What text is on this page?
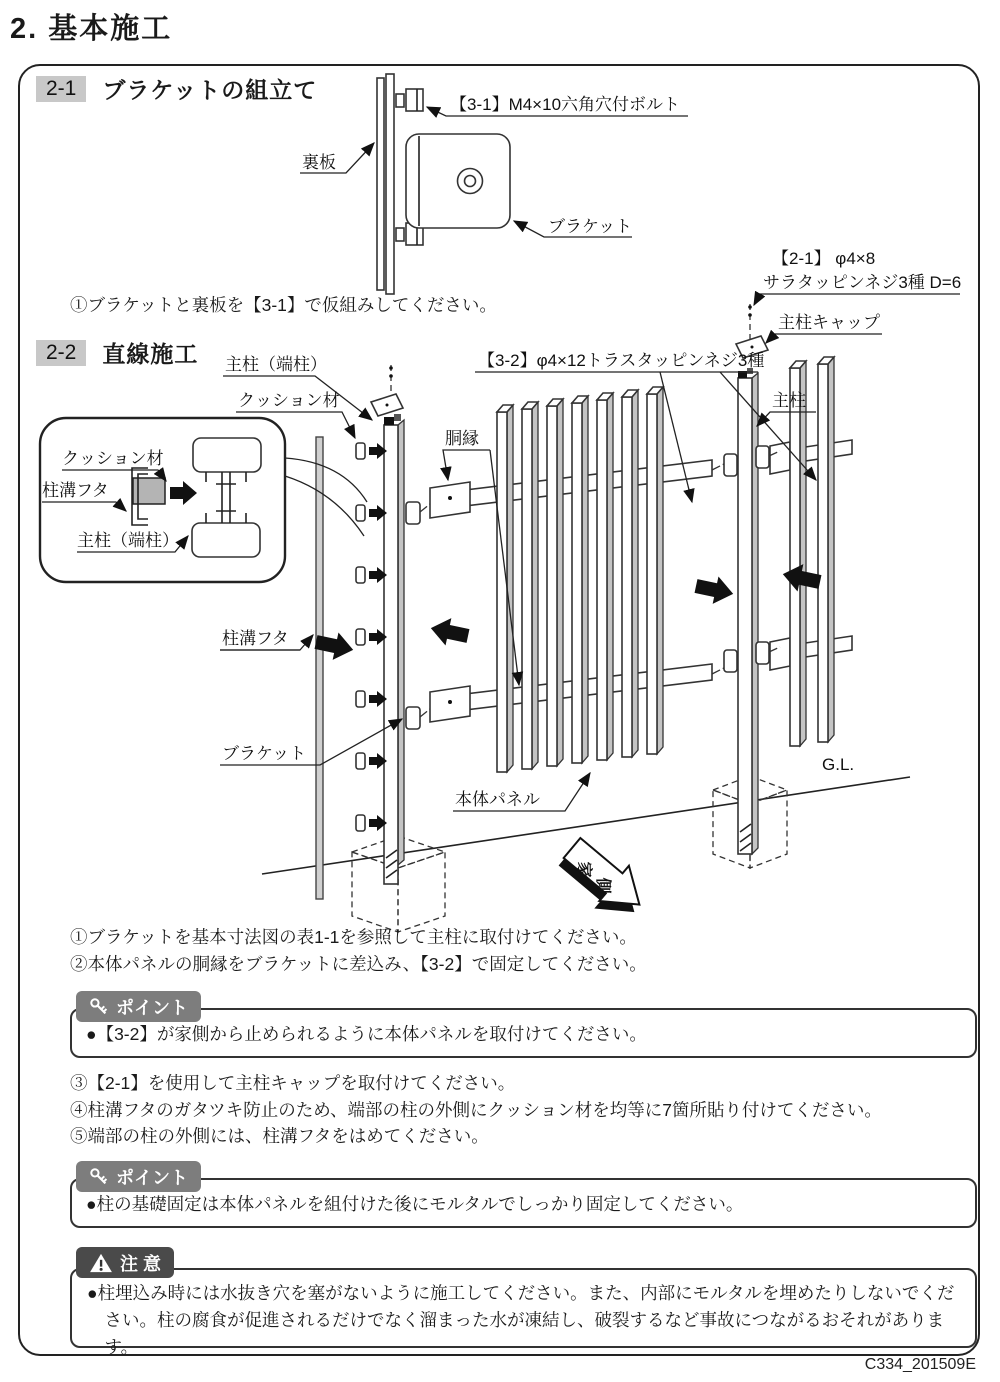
2. 基本施工
2-1	ブラケットの組立て
【3-1】M4×10六角穴付ボルト
裏板
ブラケット
①ブラケットと裏板を【3-1】で仮組みしてください。
2-2	直線施工
クッション材
柱溝フタ
主柱（端柱）
【2-1】 φ4×8
サラタッピンネジ3種 D=6
主柱キャップ
主柱（端柱）
クッション材
【3-2】φ4×12トラスタッピンネジ3種
胴縁
主柱
柱溝フタ
ブラケット
本体パネル
G.L.
家側
①ブラケットを基本寸法図の表1-1を参照して主柱に取付けてください。
②本体パネルの胴縁をブラケットに差込み、【3-2】で固定してください。
ポイント
●【3-2】が家側から止められるように本体パネルを取付けてください。
③【2-1】を使用して主柱キャップを取付けてください。
④柱溝フタのガタツキ防止のため、端部の柱の外側にクッション材を均等に7箇所貼り付けてください。
⑤端部の柱の外側には、柱溝フタをはめてください。
ポイント
●柱の基礎固定は本体パネルを組付けた後にモルタルでしっかり固定してください。
注 意

●柱埋込み時には水抜き穴を塞がないように施工してください。また、内部にモルタルを埋めたりしないでください。柱の腐食が促進されるだけでなく溜まった水が凍結し、破裂するなど事故につながるおそれがあります。

C334_201509E
